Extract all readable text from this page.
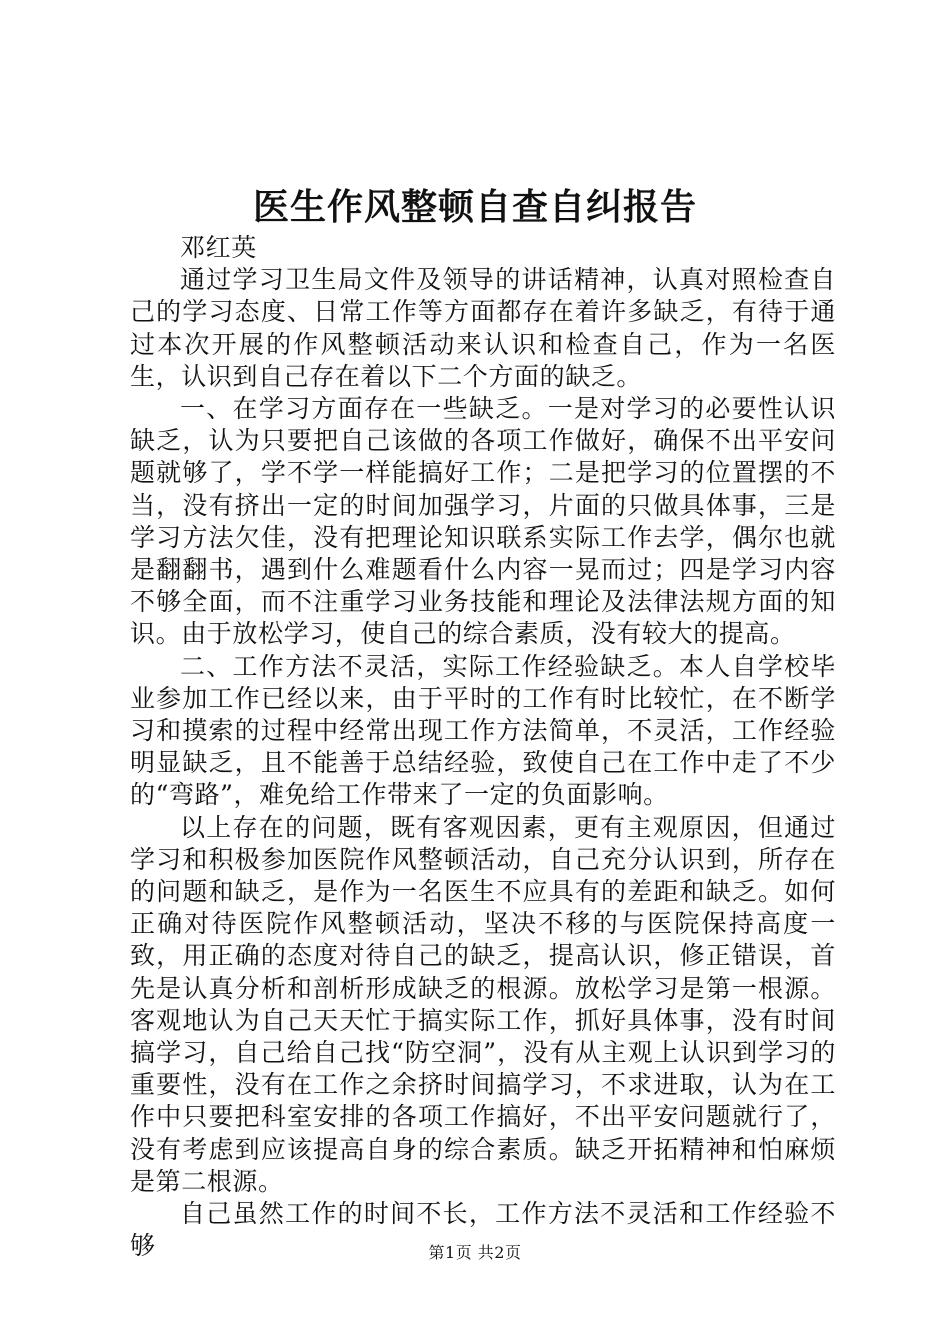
医生作风整顿自查自纠报告
邓红英

通过学习卫生局文件及领导的讲话精神，认真对照检查自己的学习态度、日常工作等方面都存在着许多缺乏，有待于通过本次开展的作风整顿活动来认识和检查自己，作为一名医生，认识到自己存在着以下二个方面的缺乏。

一、在学习方面存在一些缺乏。一是对学习的必要性认识缺乏，认为只要把自己该做的各项工作做好，确保不出平安问题就够了，学不学一样能搞好工作；二是把学习的位置摆的不当，没有挤出一定的时间加强学习，片面的只做具体事，三是学习方法欠佳，没有把理论知识联系实际工作去学，偶尔也就是翻翻书，遇到什么难题看什么内容一晃而过；四是学习内容不够全面，而不注重学习业务技能和理论及法律法规方面的知识。由于放松学习，使自己的综合素质，没有较大的提高。

二、工作方法不灵活，实际工作经验缺乏。本人自学校毕业参加工作已经以来，由于平时的工作有时比较忙，在不断学习和摸索的过程中经常出现工作方法简单，不灵活，工作经验明显缺乏，且不能善于总结经验，致使自己在工作中走了不少的“弯路”，难免给工作带来了一定的负面影响。

以上存在的问题，既有客观因素，更有主观原因，但通过学习和积极参加医院作风整顿活动，自己充分认识到，所存在的问题和缺乏，是作为一名医生不应具有的差距和缺乏。如何正确对待医院作风整顿活动，坚决不移的与医院保持高度一致，用正确的态度对待自己的缺乏，提高认识，修正错误，首先是认真分析和剖析形成缺乏的根源。放松学习是第一根源。客观地认为自己天天忙于搞实际工作，抓好具体事，没有时间搞学习，自己给自己找“防空洞”，没有从主观上认识到学习的重要性，没有在工作之余挤时间搞学习，不求进取，认为在工作中只要把科室安排的各项工作搞好，不出平安问题就行了，没有考虑到应该提高自身的综合素质。缺乏开拓精神和怕麻烦是第二根源。

自己虽然工作的时间不长，工作方法不灵活和工作经验不够	第1页 共2页
